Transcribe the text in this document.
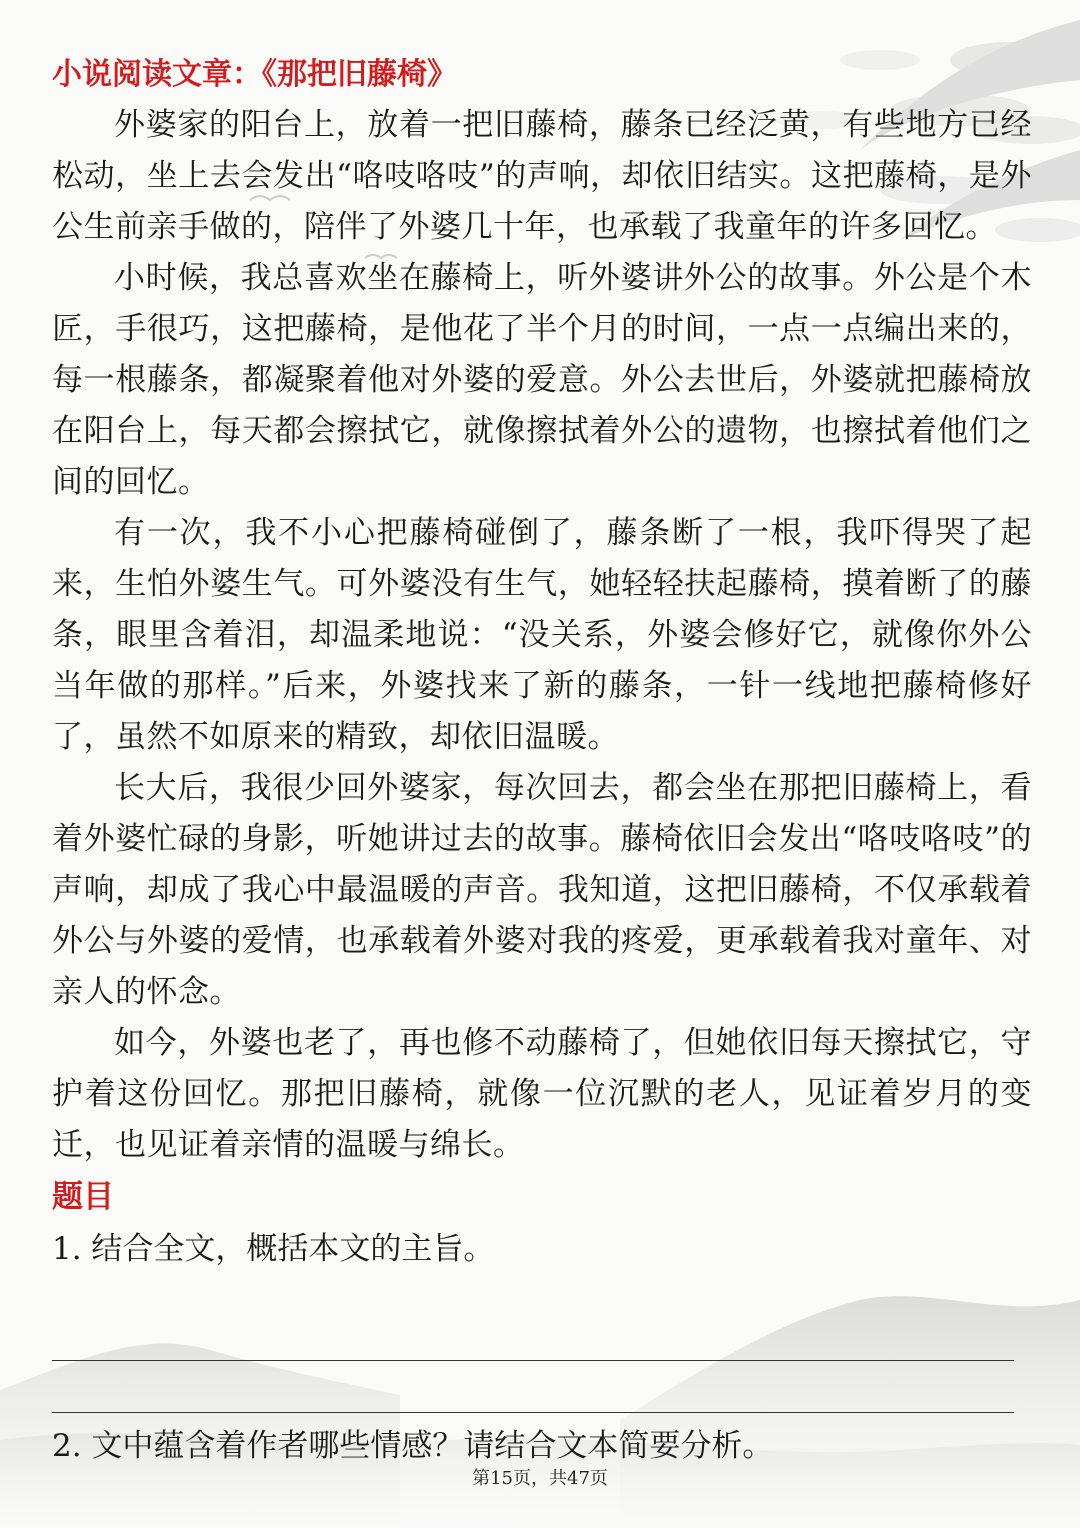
小说阅读文章：《那把旧藤椅》

外婆家的阳台上，放着一把旧藤椅，藤条已经泛黄，有些地方已经松动，坐上去会发出“咯吱咯吱”的声响，却依旧结实。这把藤椅，是外公生前亲手做的，陪伴了外婆几十年，也承载了我童年的许多回忆。

小时候，我总喜欢坐在藤椅上，听外婆讲外公的故事。外公是个木匠，手很巧，这把藤椅，是他花了半个月的时间，一点一点编出来的，每一根藤条，都凝聚着他对外婆的爱意。外公去世后，外婆就把藤椅放在阳台上，每天都会擦拭它，就像擦拭着外公的遗物，也擦拭着他们之间的回忆。

有一次，我不小心把藤椅碰倒了，藤条断了一根，我吓得哭了起来，生怕外婆生气。可外婆没有生气，她轻轻扶起藤椅，摸着断了的藤条，眼里含着泪，却温柔地说：“没关系，外婆会修好它，就像你外公当年做的那样。”后来，外婆找来了新的藤条，一针一线地把藤椅修好了，虽然不如原来的精致，却依旧温暖。

长大后，我很少回外婆家，每次回去，都会坐在那把旧藤椅上，看着外婆忙碌的身影，听她讲过去的故事。藤椅依旧会发出“咯吱咯吱”的声响，却成了我心中最温暖的声音。我知道，这把旧藤椅，不仅承载着外公与外婆的爱情，也承载着外婆对我的疼爱，更承载着我对童年、对亲人的怀念。

如今，外婆也老了，再也修不动藤椅了，但她依旧每天擦拭它，守护着这份回忆。那把旧藤椅，就像一位沉默的老人，见证着岁月的变迁，也见证着亲情的温暖与绵长。

题目

1. 结合全文，概括本文的主旨。

2. 文中蕴含着作者哪些情感？请结合文本简要分析。

第15页，共47页
